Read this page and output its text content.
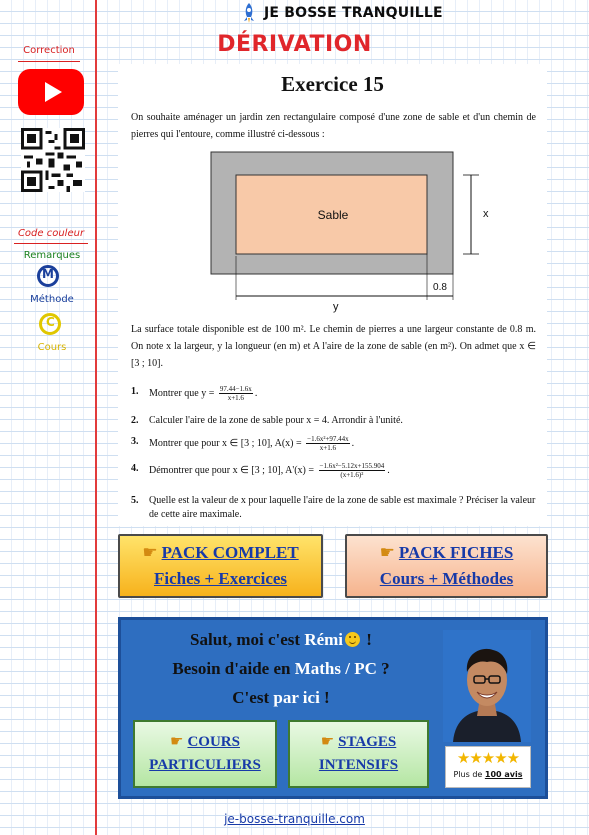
JE BOSSE TRANQUILLE
DÉRIVATION
Correction
Code couleur
Remarques
M
Méthode
C
Cours
Exercice 15
On souhaite aménager un jardin zen rectangulaire composé d'une zone de sable et d'un chemin de pierres qui l'entoure, comme illustré ci-dessous :
Sable	x
0.8
y
La surface totale disponible est de 100 m². Le chemin de pierres a une largeur constante de 0.8 m. On note x la largeur, y la longueur (en m) et A l'aire de la zone de sable (en m²). On admet que x ∈ [3 ; 10].
1.	Montrer que $y = \frac{97.44-1.6x}{x+1.6}$ .
2.	Calculer l'aire de la zone de sable pour x = 4. Arrondir à l'unité.
3.	Montrer que pour x ∈ [3 ; 10], $A(x) = \frac{\text{−1.6x²+97.44x}}{x+1.6}$ .
4.	Démontrer que pour x ∈ [3 ; 10], $A'(x) = \frac{\text{−1.6x²−5.12x+155.904}}{\text{(x+1.6)²}}$ .
5.	Quelle est la valeur de x pour laquelle l'aire de la zone de sable est maximale ? Préciser la valeur de cette aire maximale.
☛ PACK COMPLET
Fiches + Exercices
☛ PACK FICHES
Cours + Méthodes
Salut, moi c'est Rémi !
Besoin d'aide en Maths / PC ?
C'est par ici !
☛ COURS
PARTICULIERS
☛ STAGES
INTENSIFS	★★★★★
Plus de 100 avis
je-bosse-tranquille.com
